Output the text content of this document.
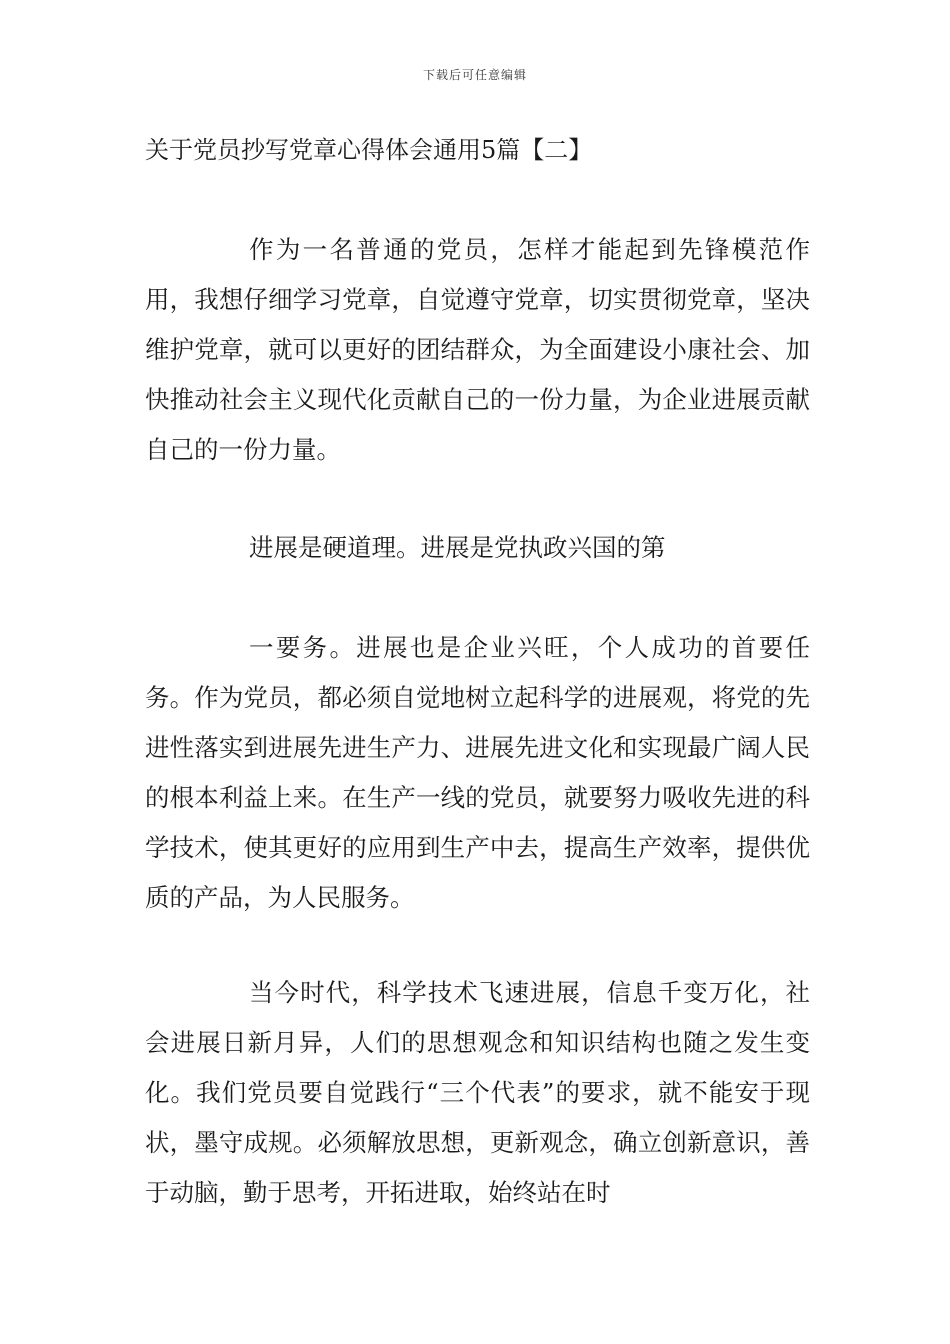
下载后可任意编辑
关于党员抄写党章心得体会通用5篇【二】

作为一名普通的党员，怎样才能起到先锋模范作用，我想仔细学习党章，自觉遵守党章，切实贯彻党章，坚决维护党章，就可以更好的团结群众，为全面建设小康社会、加快推动社会主义现代化贡献自己的一份力量，为企业进展贡献自己的一份力量。

进展是硬道理。进展是党执政兴国的第

一要务。进展也是企业兴旺，个人成功的首要任务。作为党员，都必须自觉地树立起科学的进展观，将党的先进性落实到进展先进生产力、进展先进文化和实现最广阔人民的根本利益上来。在生产一线的党员，就要努力吸收先进的科学技术，使其更好的应用到生产中去，提高生产效率，提供优质的产品，为人民服务。

当今时代，科学技术飞速进展，信息千变万化，社会进展日新月异，人们的思想观念和知识结构也随之发生变化。我们党员要自觉践行“三个代表”的要求，就不能安于现状，墨守成规。必须解放思想，更新观念，确立创新意识，善于动脑，勤于思考，开拓进取，始终站在时
